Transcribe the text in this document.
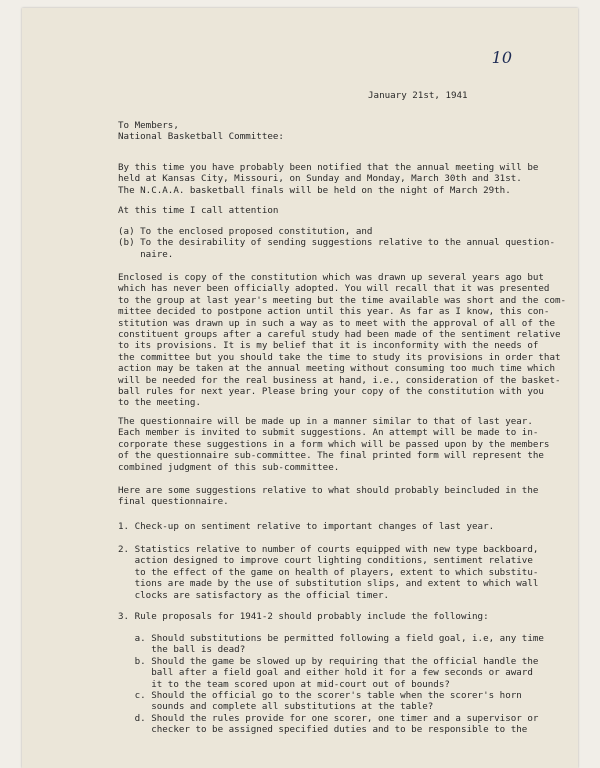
10
January 21st, 1941
To Members,
National Basketball Committee:
By this time you have probably been notified that the annual meeting will be
held at Kansas City, Missouri, on Sunday and Monday, March 30th and 31st.
The N.C.A.A. basketball finals will be held on the night of March 29th.
At this time I call attention
(a) To the enclosed proposed constitution, and
(b) To the desirability of sending suggestions relative to the annual question-
naire.
Enclosed is copy of the constitution which was drawn up several years ago but
which has never been officially adopted. You will recall that it was presented
to the group at last year's meeting but the time available was short and the com-
mittee decided to postpone action until this year. As far as I know, this con-
stitution was drawn up in such a way as to meet with the approval of all of the
constituent groups after a careful study had been made of the sentiment relative
to its provisions. It is my belief that it is inconformity with the needs of
the committee but you should take the time to study its provisions in order that
action may be taken at the annual meeting without consuming too much time which
will be needed for the real business at hand, i.e., consideration of the basket-
ball rules for next year. Please bring your copy of the constitution with you
to the meeting.
The questionnaire will be made up in a manner similar to that of last year.
Each member is invited to submit suggestions. An attempt will be made to in-
corporate these suggestions in a form which will be passed upon by the members
of the questionnaire sub-committee. The final printed form will represent the
combined judgment of this sub-committee.
Here are some suggestions relative to what should probably beincluded in the
final questionnaire.
1. Check-up on sentiment relative to important changes of last year.
2. Statistics relative to number of courts equipped with new type backboard,
action designed to improve court lighting conditions, sentiment relative
to the effect of the game on health of players, extent to which substitu-
tions are made by the use of substitution slips, and extent to which wall
clocks are satisfactory as the official timer.
3. Rule proposals for 1941-2 should probably include the following:
a. Should substitutions be permitted following a field goal, i.e, any time
the ball is dead?
b. Should the game be slowed up by requiring that the official handle the
ball after a field goal and either hold it for a few seconds or award
it to the team scored upon at mid-court out of bounds?
c. Should the official go to the scorer's table when the scorer's horn
sounds and complete all substitutions at the table?
d. Should the rules provide for one scorer, one timer and a supervisor or
checker to be assigned specified duties and to be responsible to the
